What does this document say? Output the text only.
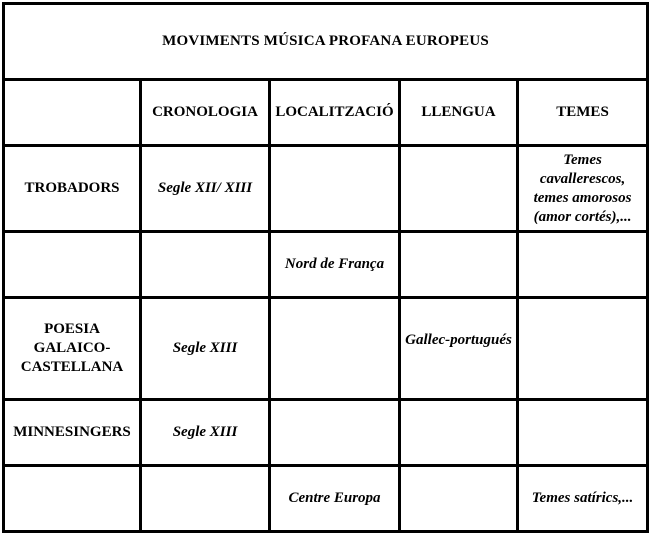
MOVIMENTS MÚSICA PROFANA EUROPEUS				
	CRONOLOGIA	LOCALITZACIÓ	LLENGUA	TEMES
TROBADORS	Segle XII/ XIII			Temes cavallerescos, temes amorosos (amor cortés),...
		Nord de França		
POESIA GALAICO-CASTELLANA	Segle XIII		Gallec-portugués	
MINNESINGERS	Segle XIII			
		Centre Europa		Temes satírics,...
